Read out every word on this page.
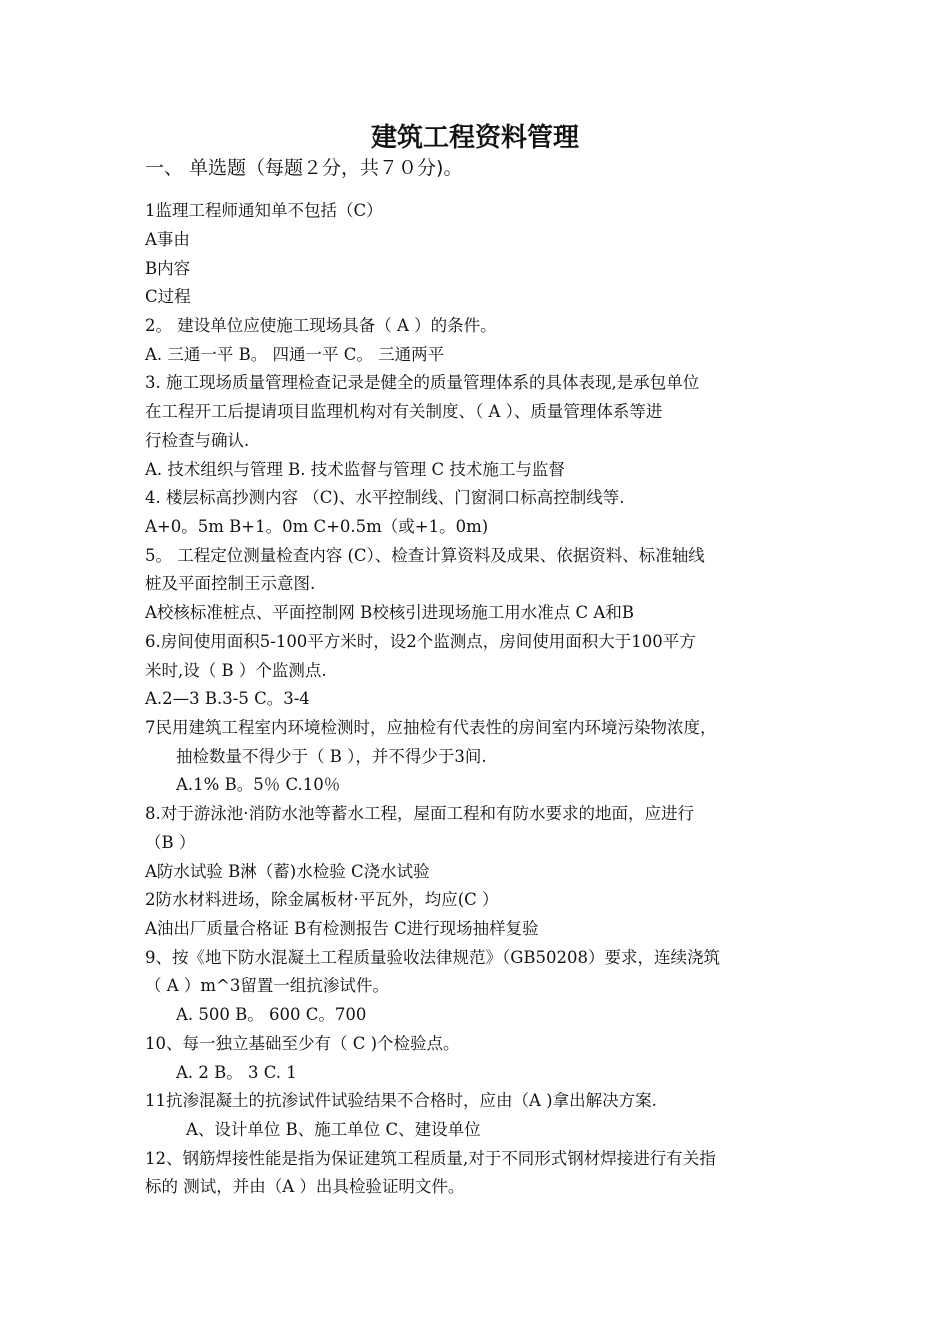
建筑工程资料管理
一、 单选题（每题２分，共７０分)。
1监理工程师通知单不包括（C）
A事由
B内容
C过程
2。 建设单位应使施工现场具备（ A ）的条件。
A. 三通一平 B。 四通一平 C。 三通两平
3. 施工现场质量管理检查记录是健全的质量管理体系的具体表现,是承包单位
在工程开工后提请项目监理机构对有关制度、（ A ）、质量管理体系等进
行检查与确认.
A. 技术组织与管理 B. 技术监督与管理 C 技术施工与监督
4. 楼层标高抄测内容 （C)、水平控制线、门窗洞口标高控制线等.
A+0。5m B+1。0m C+0.5m（或+1。0m)
5。 工程定位测量检查内容 (C）、检查计算资料及成果、依据资料、标准轴线
桩及平面控制王示意图.
A校核标准桩点、平面控制网 B校核引进现场施工用水准点 C A和B
6.房间使用面积5-100平方米时，设2个监测点，房间使用面积大于100平方
米时,设（ B ）个监测点.
A.2—3 B.3-5 C。3-4
7民用建筑工程室内环境检测时，应抽检有代表性的房间室内环境污染物浓度，
抽检数量不得少于（ B ），并不得少于3间.
A.1% B。5％ C.10％
8.对于游泳池·消防水池等蓄水工程，屋面工程和有防水要求的地面，应进行
（B ）
A防水试验 B淋（蓄)水检验 C浇水试验
2防水材料进场，除金属板材·平瓦外，均应(C ）
A油出厂质量合格证 B有检测报告 C进行现场抽样复验
9、按《地下防水混凝土工程质量验收法律规范》（GB50208）要求，连续浇筑
（ A ）m^3留置一组抗渗试件。
A. 500 B。 600 C。700
10、每一独立基础至少有（ C )个检验点。
A. 2 B。 3 C. 1
11抗渗混凝土的抗渗试件试验结果不合格时，应由（A )拿出解决方案.
A、设计单位 B、施工单位 C、建设单位
12、钢筋焊接性能是指为保证建筑工程质量,对于不同形式钢材焊接进行有关指
标的 测试，并由（A ）出具检验证明文件。
